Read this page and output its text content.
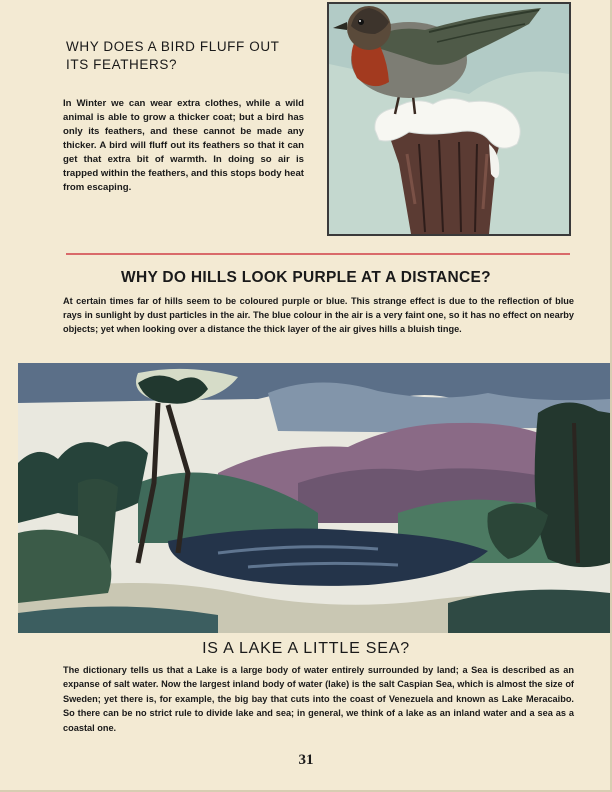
WHY DOES A BIRD FLUFF OUT ITS FEATHERS?
In Winter we can wear extra clothes, while a wild animal is able to grow a thicker coat; but a bird has only its feathers, and these cannot be made any thicker. A bird will fluff out its feathers so that it can get that extra bit of warmth. In doing so air is trapped within the feathers, and this stops body heat from escaping.
WHY DO HILLS LOOK PURPLE AT A DISTANCE?
At certain times far of hills seem to be coloured purple or blue. This strange effect is due to the reflection of blue rays in sunlight by dust particles in the air. The blue colour in the air is a very faint one, so it has no effect on nearby objects; yet when looking over a distance the thick layer of the air gives hills a bluish tinge.
IS A LAKE A LITTLE SEA?
The dictionary tells us that a Lake is a large body of water entirely surrounded by land; a Sea is described as an expanse of salt water. Now the largest inland body of water (lake) is the salt Caspian Sea, which is almost the size of Sweden; yet there is, for example, the big bay that cuts into the coast of Venezuela and known as Lake Meracaibo. So there can be no strict rule to divide lake and sea; in general, we think of a lake as an inland water and a sea as a coastal one.
31
